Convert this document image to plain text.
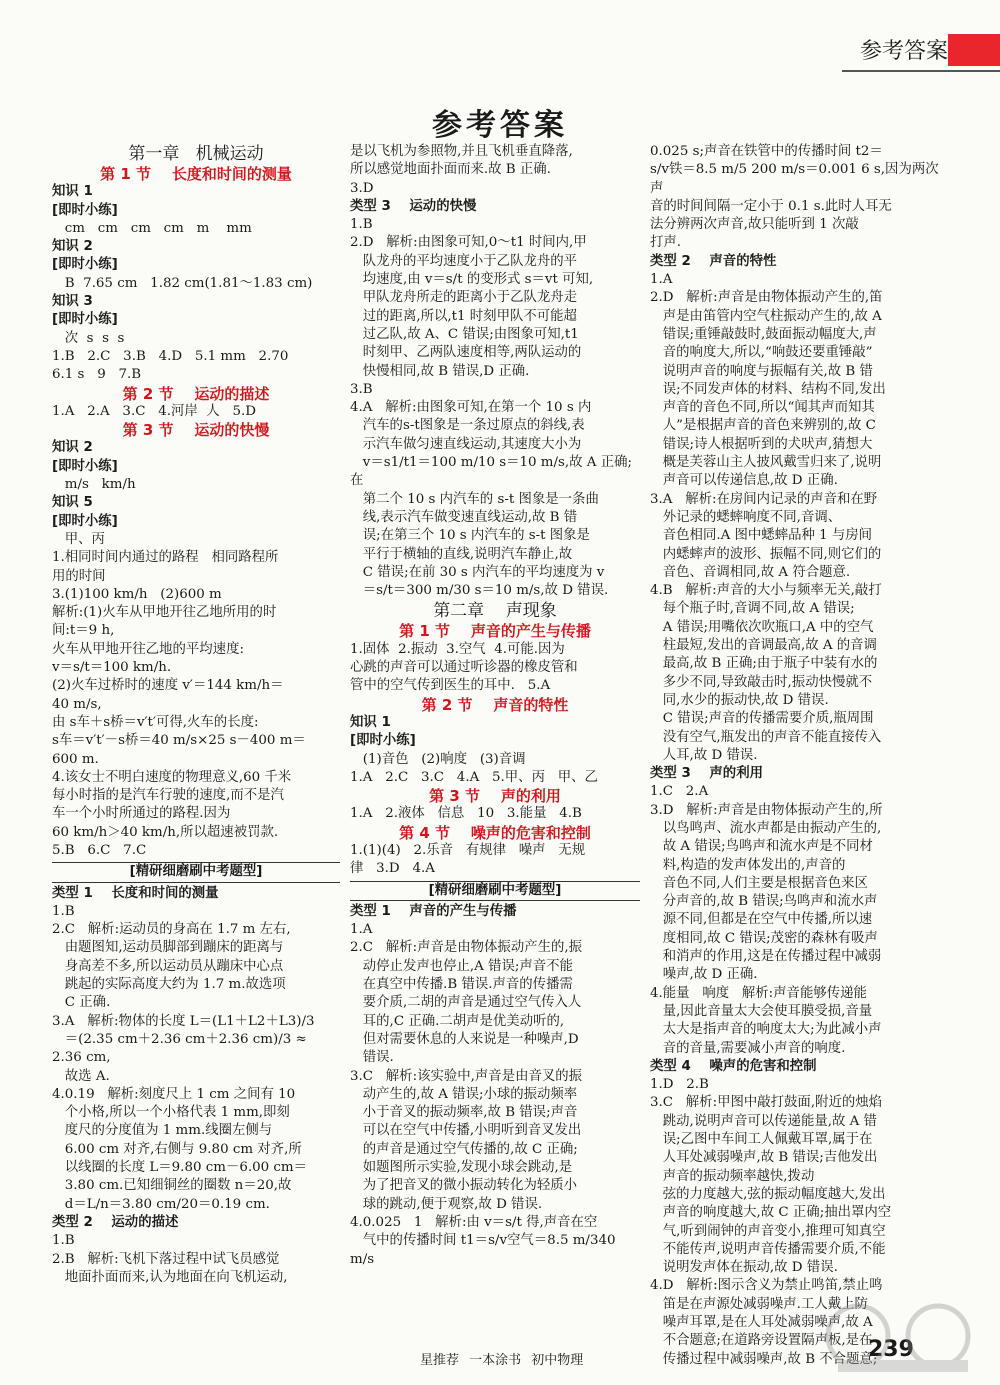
参考答案
参考答案
第一章   机械运动
第 1 节    长度和时间的测量
知识 1
[即时小练]
cm   cm   cm   cm   m    mm
知识 2
[即时小练]
B  7.65 cm   1.82 cm(1.81～1.83 cm)
知识 3
[即时小练]
次  s  s  s
1.B   2.C   3.B   4.D   5.1 mm   2.70
6.1 s   9   7.B
第 2 节    运动的描述
1.A   2.A   3.C   4.河岸  人   5.D
第 3 节    运动的快慢
知识 2
[即时小练]
m/s   km/h
知识 5
[即时小练]
甲、丙
1.相同时间内通过的路程   相同路程所
用的时间
3.(1)100 km/h   (2)600 m
解析:(1)火车从甲地开往乙地所用的时
间:t＝9 h,
火车从甲地开往乙地的平均速度:
v＝s/t＝100 km/h.
(2)火车过桥时的速度 v′＝144 km/h＝
40 m/s,
由 s车＋s桥＝v′t′可得,火车的长度:
s车＝v′t′－s桥＝40 m/s×25 s－400 m＝
600 m.
4.该女士不明白速度的物理意义,60 千米
每小时指的是汽车行驶的速度,而不是汽
车一个小时所通过的路程.因为
60 km/h＞40 km/h,所以超速被罚款.
5.B   6.C   7.C
[精研细磨刷中考题型]
类型 1    长度和时间的测量
1.B
2.C   解析:运动员的身高在 1.7 m 左右,
由题图知,运动员脚部到蹦床的距离与
身高差不多,所以运动员从蹦床中心点
跳起的实际高度大约为 1.7 m.故选项
C 正确.
3.A   解析:物体的长度 L＝(L1＋L2＋L3)/3
＝(2.35 cm＋2.36 cm＋2.36 cm)/3 ≈ 2.36 cm,
故选 A.
4.0.19   解析:刻度尺上 1 cm 之间有 10
个小格,所以一个小格代表 1 mm,即刻
度尺的分度值为 1 mm.线圈左侧与
6.00 cm 对齐,右侧与 9.80 cm 对齐,所
以线圈的长度 L＝9.80 cm－6.00 cm＝
3.80 cm.已知细铜丝的圈数 n＝20,故
d＝L/n＝3.80 cm/20＝0.19 cm.
类型 2    运动的描述
1.B
2.B   解析:飞机下落过程中试飞员感觉
地面扑面而来,认为地面在向飞机运动,
是以飞机为参照物,并且飞机垂直降落,
所以感觉地面扑面而来.故 B 正确.
3.D
类型 3    运动的快慢
1.B
2.D   解析:由图象可知,0～t1 时间内,甲
队龙舟的平均速度小于乙队龙舟的平
均速度,由 v＝s/t 的变形式 s＝vt 可知,
甲队龙舟所走的距离小于乙队龙舟走
过的距离,所以,t1 时刻甲队不可能超
过乙队,故 A、C 错误;由图象可知,t1
时刻甲、乙两队速度相等,两队运动的
快慢相同,故 B 错误,D 正确.
3.B
4.A   解析:由图象可知,在第一个 10 s 内
汽车的s-t图象是一条过原点的斜线,表
示汽车做匀速直线运动,其速度大小为
v＝s1/t1＝100 m/10 s＝10 m/s,故 A 正确;在
第二个 10 s 内汽车的 s-t 图象是一条曲
线,表示汽车做变速直线运动,故 B 错
误;在第三个 10 s 内汽车的 s-t 图象是
平行于横轴的直线,说明汽车静止,故
C 错误;在前 30 s 内汽车的平均速度为 v
＝s/t＝300 m/30 s＝10 m/s,故 D 错误.
第二章    声现象
第 1 节    声音的产生与传播
1.固体  2.振动  3.空气  4.可能.因为
心跳的声音可以通过听诊器的橡皮管和
管中的空气传到医生的耳中.   5.A
第 2 节    声音的特性
知识 1
[即时小练]
(1)音色   (2)响度   (3)音调
1.A   2.C   3.C   4.A   5.甲、丙   甲、乙
第 3 节    声的利用
1.A   2.液体   信息   10   3.能量   4.B
第 4 节    噪声的危害和控制
1.(1)(4)   2.乐音   有规律   噪声   无规
律   3.D   4.A
[精研细磨刷中考题型]
类型 1    声音的产生与传播
1.A
2.C   解析:声音是由物体振动产生的,振
动停止发声也停止,A 错误;声音不能
在真空中传播.B 错误.声音的传播需
要介质,二胡的声音是通过空气传入人
耳的,C 正确.二胡声是优美动听的,
但对需要休息的人来说是一种噪声,D
错误.
3.C   解析:该实验中,声音是由音叉的振
动产生的,故 A 错误;小球的振动频率
小于音叉的振动频率,故 B 错误;声音
可以在空气中传播,小明听到音叉发出
的声音是通过空气传播的,故 C 正确;
如题图所示实验,发现小球会跳动,是
为了把音叉的微小振动转化为轻质小
球的跳动,便于观察,故 D 错误.
4.0.025   1   解析:由 v＝s/t 得,声音在空
气中的传播时间 t1＝s/v空气＝8.5 m/340 m/s
0.025 s;声音在铁管中的传播时间 t2＝
s/v铁＝8.5 m/5 200 m/s＝0.001 6 s,因为两次声
音的时间间隔一定小于 0.1 s.此时人耳无
法分辨两次声音,故只能听到 1 次敲
打声.
类型 2    声音的特性
1.A
2.D   解析:声音是由物体振动产生的,笛
声是由笛管内空气柱振动产生的,故 A
错误;重锤敲鼓时,鼓面振动幅度大,声
音的响度大,所以,“响鼓还要重锤敲”
说明声音的响度与振幅有关,故 B 错
误;不同发声体的材料、结构不同,发出
声音的音色不同,所以“闻其声而知其
人”是根据声音的音色来辨别的,故 C
错误;诗人根据听到的犬吠声,猜想大
概是芙蓉山主人披风戴雪归来了,说明
声音可以传递信息,故 D 正确.
3.A   解析:在房间内记录的声音和在野
外记录的蟋蟀响度不同,音调、
音色相同.A 图中蟋蟀品种 1 与房间
内蟋蟀声的波形、振幅不同,则它们的
音色、音调相同,故 A 符合题意.
4.B   解析:声音的大小与频率无关,敲打
每个瓶子时,音调不同,故 A 错误;
A 错误;用嘴依次吹瓶口,A 中的空气
柱最短,发出的音调最高,故 A 的音调
最高,故 B 正确;由于瓶子中装有水的
多少不同,导致敲击时,振动快慢就不
同,水少的振动快,故 D 错误.
C 错误;声音的传播需要介质,瓶周围
没有空气,瓶发出的声音不能直接传入
人耳,故 D 错误.
类型 3    声的利用
1.C   2.A
3.D   解析:声音是由物体振动产生的,所
以鸟鸣声、流水声都是由振动产生的,
故 A 错误;鸟鸣声和流水声是不同材
料,构造的发声体发出的,声音的
音色不同,人们主要是根据音色来区
分声音的,故 B 错误;鸟鸣声和流水声
源不同,但都是在空气中传播,所以速
度相同,故 C 错误;茂密的森林有吸声
和消声的作用,这是在传播过程中减弱
噪声,故 D 正确.
4.能量   响度   解析:声音能够传递能
量,因此音量太大会使耳膜受损,音量
太大是指声音的响度太大;为此减小声
音的音量,需要减小声音的响度.
类型 4    噪声的危害和控制
1.D   2.B
3.C   解析:甲图中敲打鼓面,附近的烛焰
跳动,说明声音可以传递能量,故 A 错
误;乙图中车间工人佩戴耳罩,属于在
人耳处减弱噪声,故 B 错误;吉他发出
声音的振动频率越快,拨动
弦的力度越大,弦的振动幅度越大,发出
声音的响度越大,故 C 正确;抽出罩内空
气,听到闹钟的声音变小,推理可知真空
不能传声,说明声音传播需要介质,不能
说明发声体在振动,故 D 错误.
4.D   解析:图示含义为禁止鸣笛,禁止鸣
笛是在声源处减弱噪声.工人戴上防
噪声耳罩,是在人耳处减弱噪声,故 A
不合题意;在道路旁设置隔声板,是在
传播过程中减弱噪声,故 B 不合题意;
星推荐 一本涂书 初中物理	239
